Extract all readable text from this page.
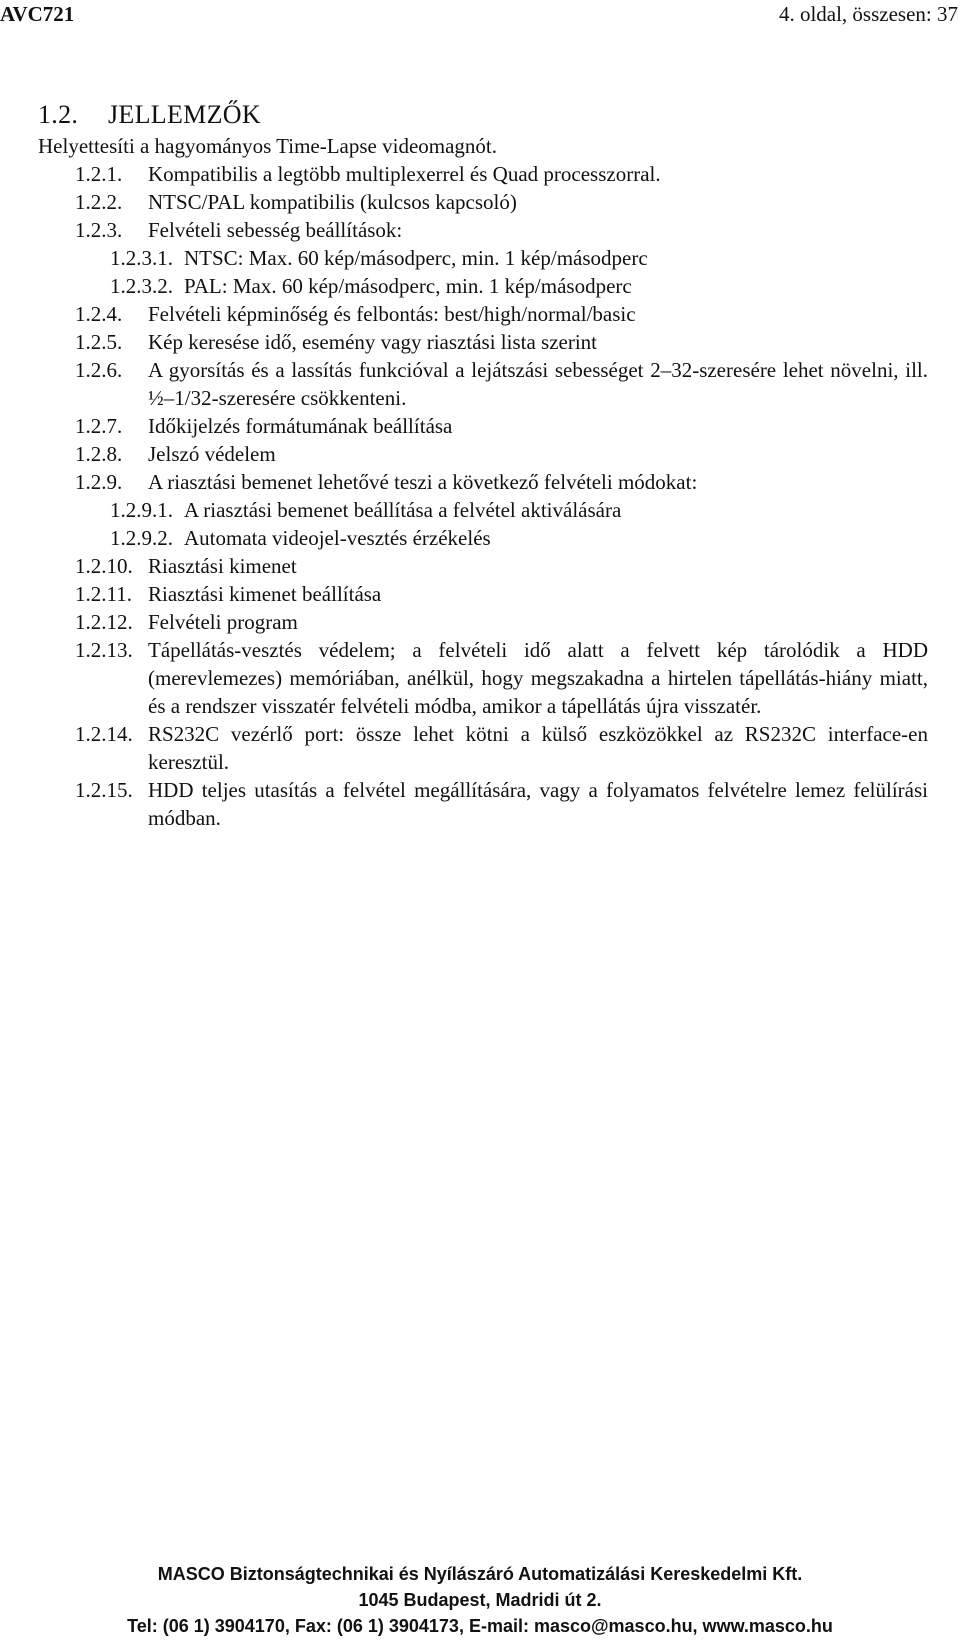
AVC721	4. oldal, összesen: 37
1.2. JELLEMZŐK

Helyettesíti a hagyományos Time-Lapse videomagnót.

1.2.1.	Kompatibilis a legtöbb multiplexerrel és Quad processzorral.
1.2.2.	NTSC/PAL kompatibilis (kulcsos kapcsoló)
1.2.3.	Felvételi sebesség beállítások:
1.2.3.1. NTSC: Max. 60 kép/másodperc, min. 1 kép/másodperc
1.2.3.2. PAL: Max. 60 kép/másodperc, min. 1 kép/másodperc
1.2.4.	Felvételi képminőség és felbontás: best/high/normal/basic
1.2.5.	Kép keresése idő, esemény vagy riasztási lista szerint
1.2.6.	A gyorsítás és a lassítás funkcióval a lejátszási sebességet 2–32-szeresére lehet növelni, ill. ½–1/32-szeresére csökkenteni.
1.2.7.	Időkijelzés formátumának beállítása
1.2.8.	Jelszó védelem
1.2.9.	A riasztási bemenet lehetővé teszi a következő felvételi módokat:
1.2.9.1. A riasztási bemenet beállítása a felvétel aktiválására
1.2.9.2. Automata videojel-vesztés érzékelés
1.2.10. Riasztási kimenet
1.2.11. Riasztási kimenet beállítása
1.2.12. Felvételi program
1.2.13. Tápellátás-vesztés védelem; a felvételi idő alatt a felvett kép tárolódik a HDD (merevlemezes) memóriában, anélkül, hogy megszakadna a hirtelen tápellátás-hiány miatt, és a rendszer visszatér felvételi módba, amikor a tápellátás újra visszatér.
1.2.14. RS232C vezérlő port: össze lehet kötni a külső eszközökkel az RS232C interface-en keresztül.
1.2.15. HDD teljes utasítás a felvétel megállítására, vagy a folyamatos felvételre lemez felülírási módban.
MASCO Biztonságtechnikai és Nyílászáró Automatizálási Kereskedelmi Kft.
1045 Budapest, Madridi út 2.
Tel: (06 1) 3904170, Fax: (06 1) 3904173, E-mail: masco@masco.hu, www.masco.hu
